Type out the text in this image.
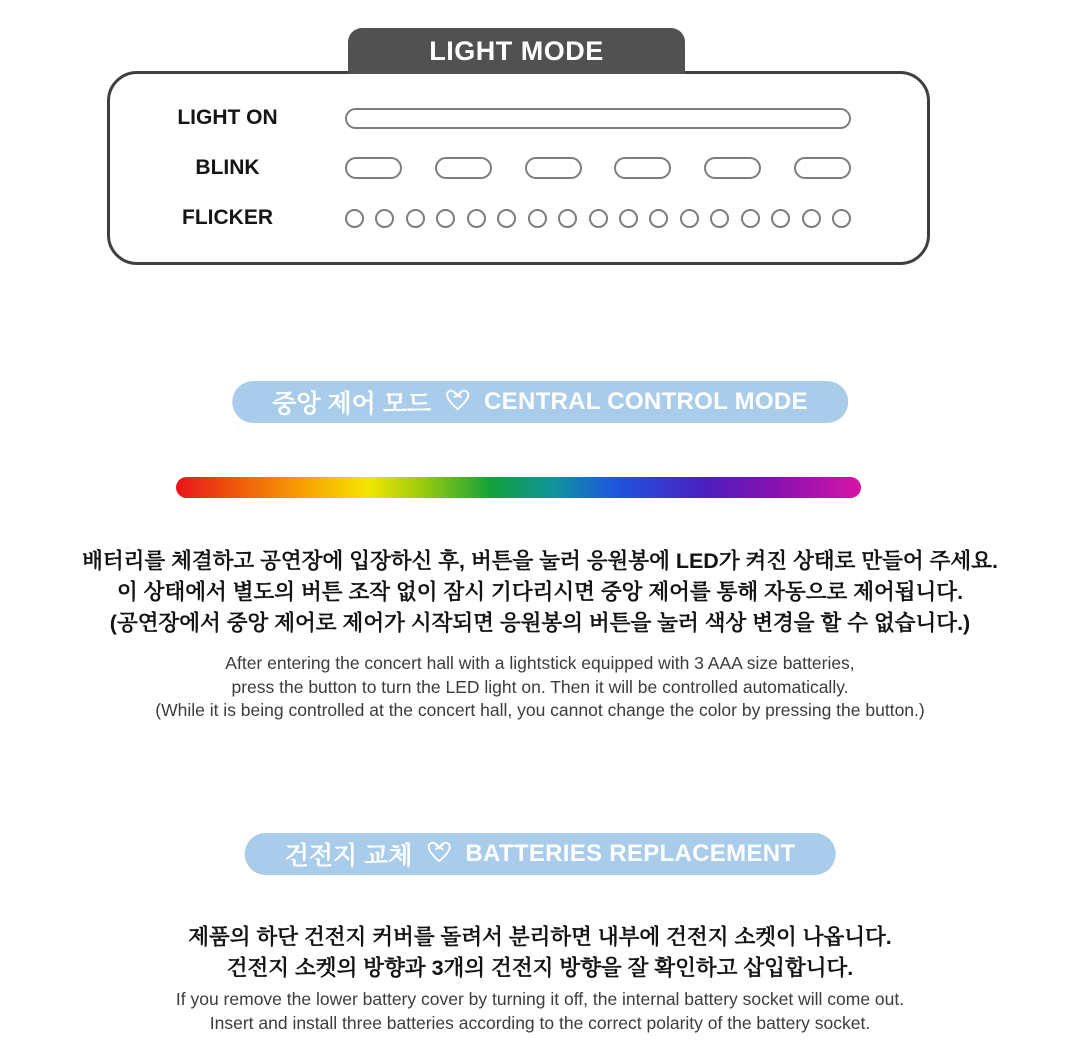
LIGHT MODE
LIGHT ON
BLINK
FLICKER
중앙 제어 모드 CENTRAL CONTROL MODE
배터리를 체결하고 공연장에 입장하신 후, 버튼을 눌러 응원봉에 LED가 켜진 상태로 만들어 주세요.
이 상태에서 별도의 버튼 조작 없이 잠시 기다리시면 중앙 제어를 통해 자동으로 제어됩니다.
(공연장에서 중앙 제어로 제어가 시작되면 응원봉의 버튼을 눌러 색상 변경을 할 수 없습니다.)
After entering the concert hall with a lightstick equipped with 3 AAA size batteries,
press the button to turn the LED light on. Then it will be controlled automatically.
(While it is being controlled at the concert hall, you cannot change the color by pressing the button.)
건전지 교체 BATTERIES REPLACEMENT
제품의 하단 건전지 커버를 돌려서 분리하면 내부에 건전지 소켓이 나옵니다.
건전지 소켓의 방향과 3개의 건전지 방향을 잘 확인하고 삽입합니다.
If you remove the lower battery cover by turning it off, the internal battery socket will come out.
Insert and install three batteries according to the correct polarity of the battery socket.
